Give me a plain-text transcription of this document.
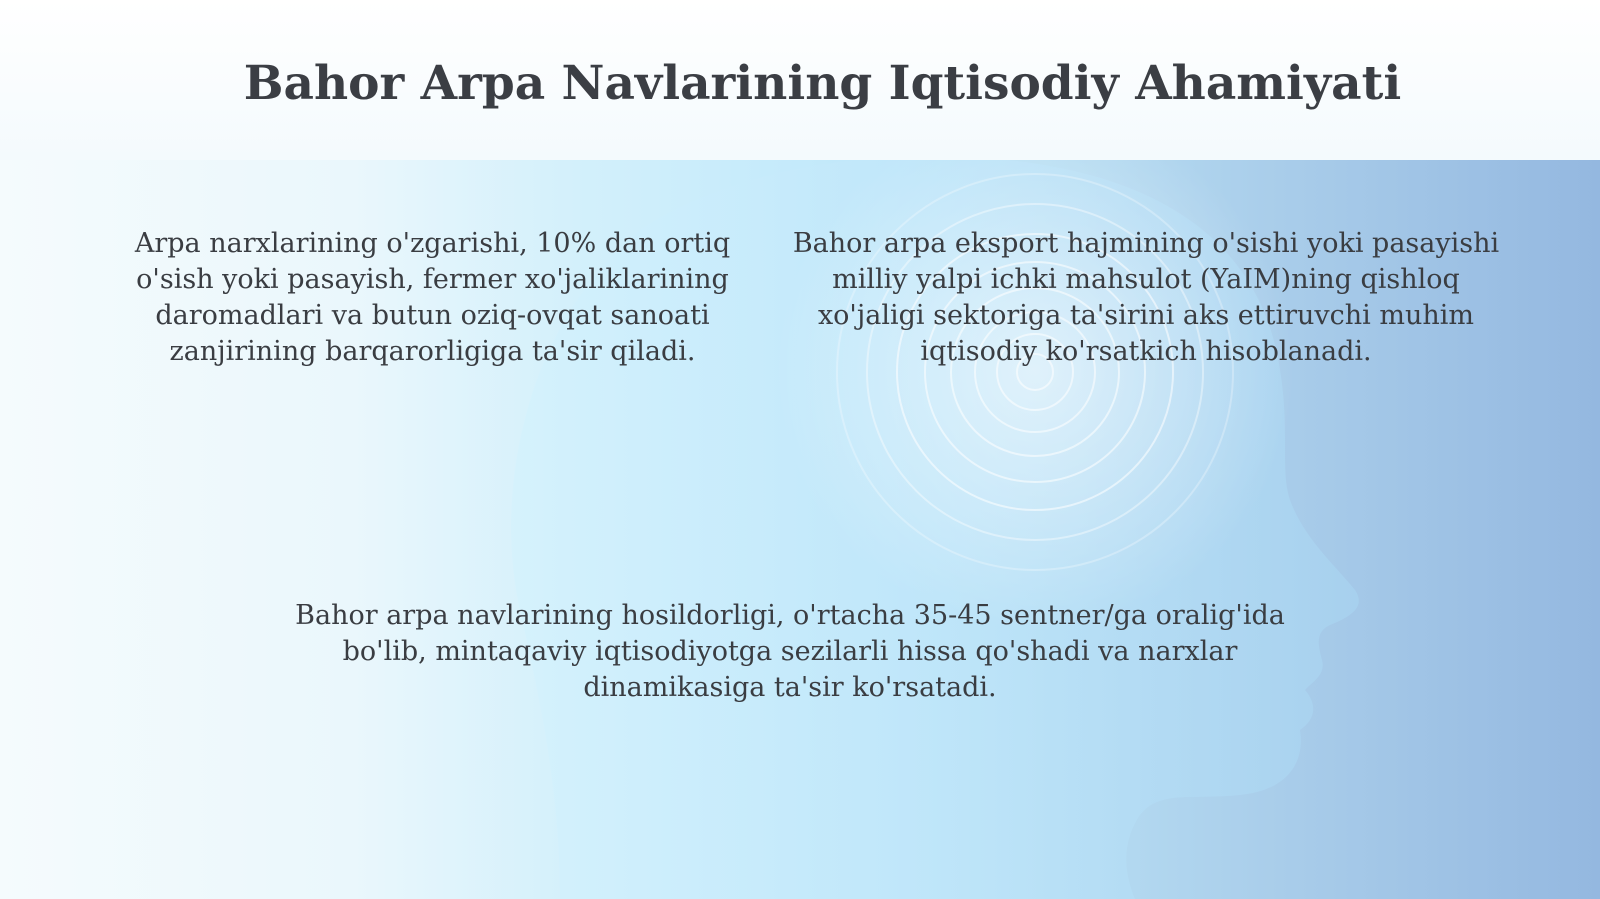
Bahor Arpa Navlarining Iqtisodiy Ahamiyati

Arpa narxlarining o'zgarishi, 10% dan ortiq o'sish yoki pasayish, fermer xo'jaliklarining daromadlari va butun oziq-ovqat sanoati zanjirining barqarorligiga ta'sir qiladi.

Bahor arpa eksport hajmining o'sishi yoki pasayishi milliy yalpi ichki mahsulot (YaIM)ning qishloq xo'jaligi sektoriga ta'sirini aks ettiruvchi muhim iqtisodiy ko'rsatkich hisoblanadi.

Bahor arpa navlarining hosildorligi, o'rtacha 35-45 sentner/ga oralig'ida bo'lib, mintaqaviy iqtisodiyotga sezilarli hissa qo'shadi va narxlar dinamikasiga ta'sir ko'rsatadi.
